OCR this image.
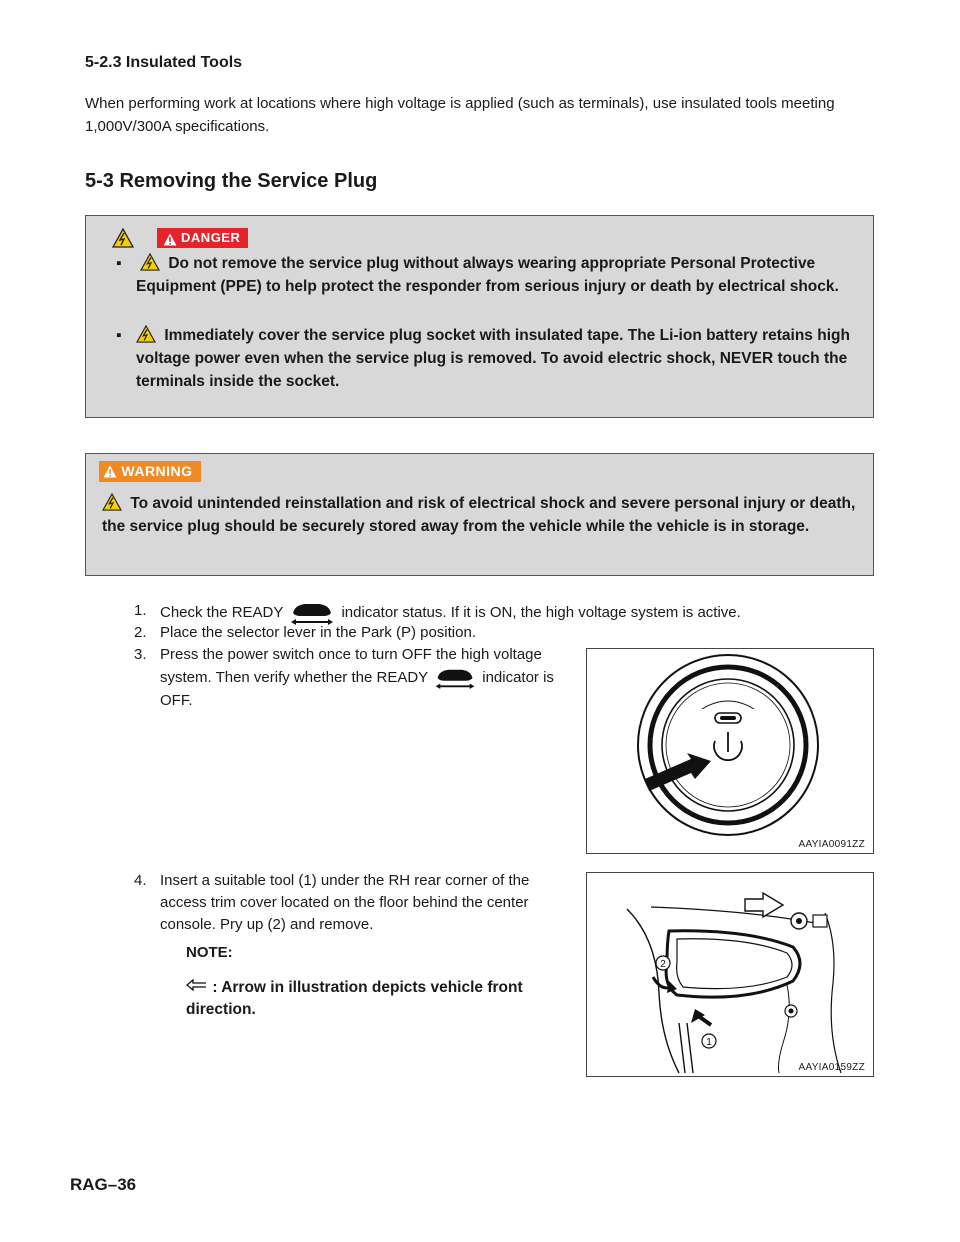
5-2.3 Insulated Tools
When performing work at locations where high voltage is applied (such as terminals), use insulated tools meeting 1,000V/300A specifications.
5-3 Removing the Service Plug
DANGER
▪	Do not remove the service plug without always wearing appropriate Personal Protective Equipment (PPE) to help protect the responder from serious injury or death by electrical shock.
▪	Immediately cover the service plug socket with insulated tape. The Li-ion battery retains high voltage power even when the service plug is removed. To avoid electric shock, NEVER touch the terminals inside the socket.
WARNING
To avoid unintended reinstallation and risk of electrical shock and severe personal injury or death, the service plug should be securely stored away from the vehicle while the vehicle is in storage.
1. Check the READY	indicator status. If it is ON, the high voltage system is active.
2. Place the selector lever in the Park (P) position.
3. Press the power switch once to turn OFF the high voltage system. Then verify whether the READY	indicator is OFF.
AAYIA0091ZZ
4. Insert a suitable tool (1) under the RH rear corner of the access trim cover located on the floor behind the center console. Pry up (2) and remove.
NOTE:
: Arrow in illustration depicts vehicle front direction.
2
1
AAYIA0159ZZ
RAG–36
